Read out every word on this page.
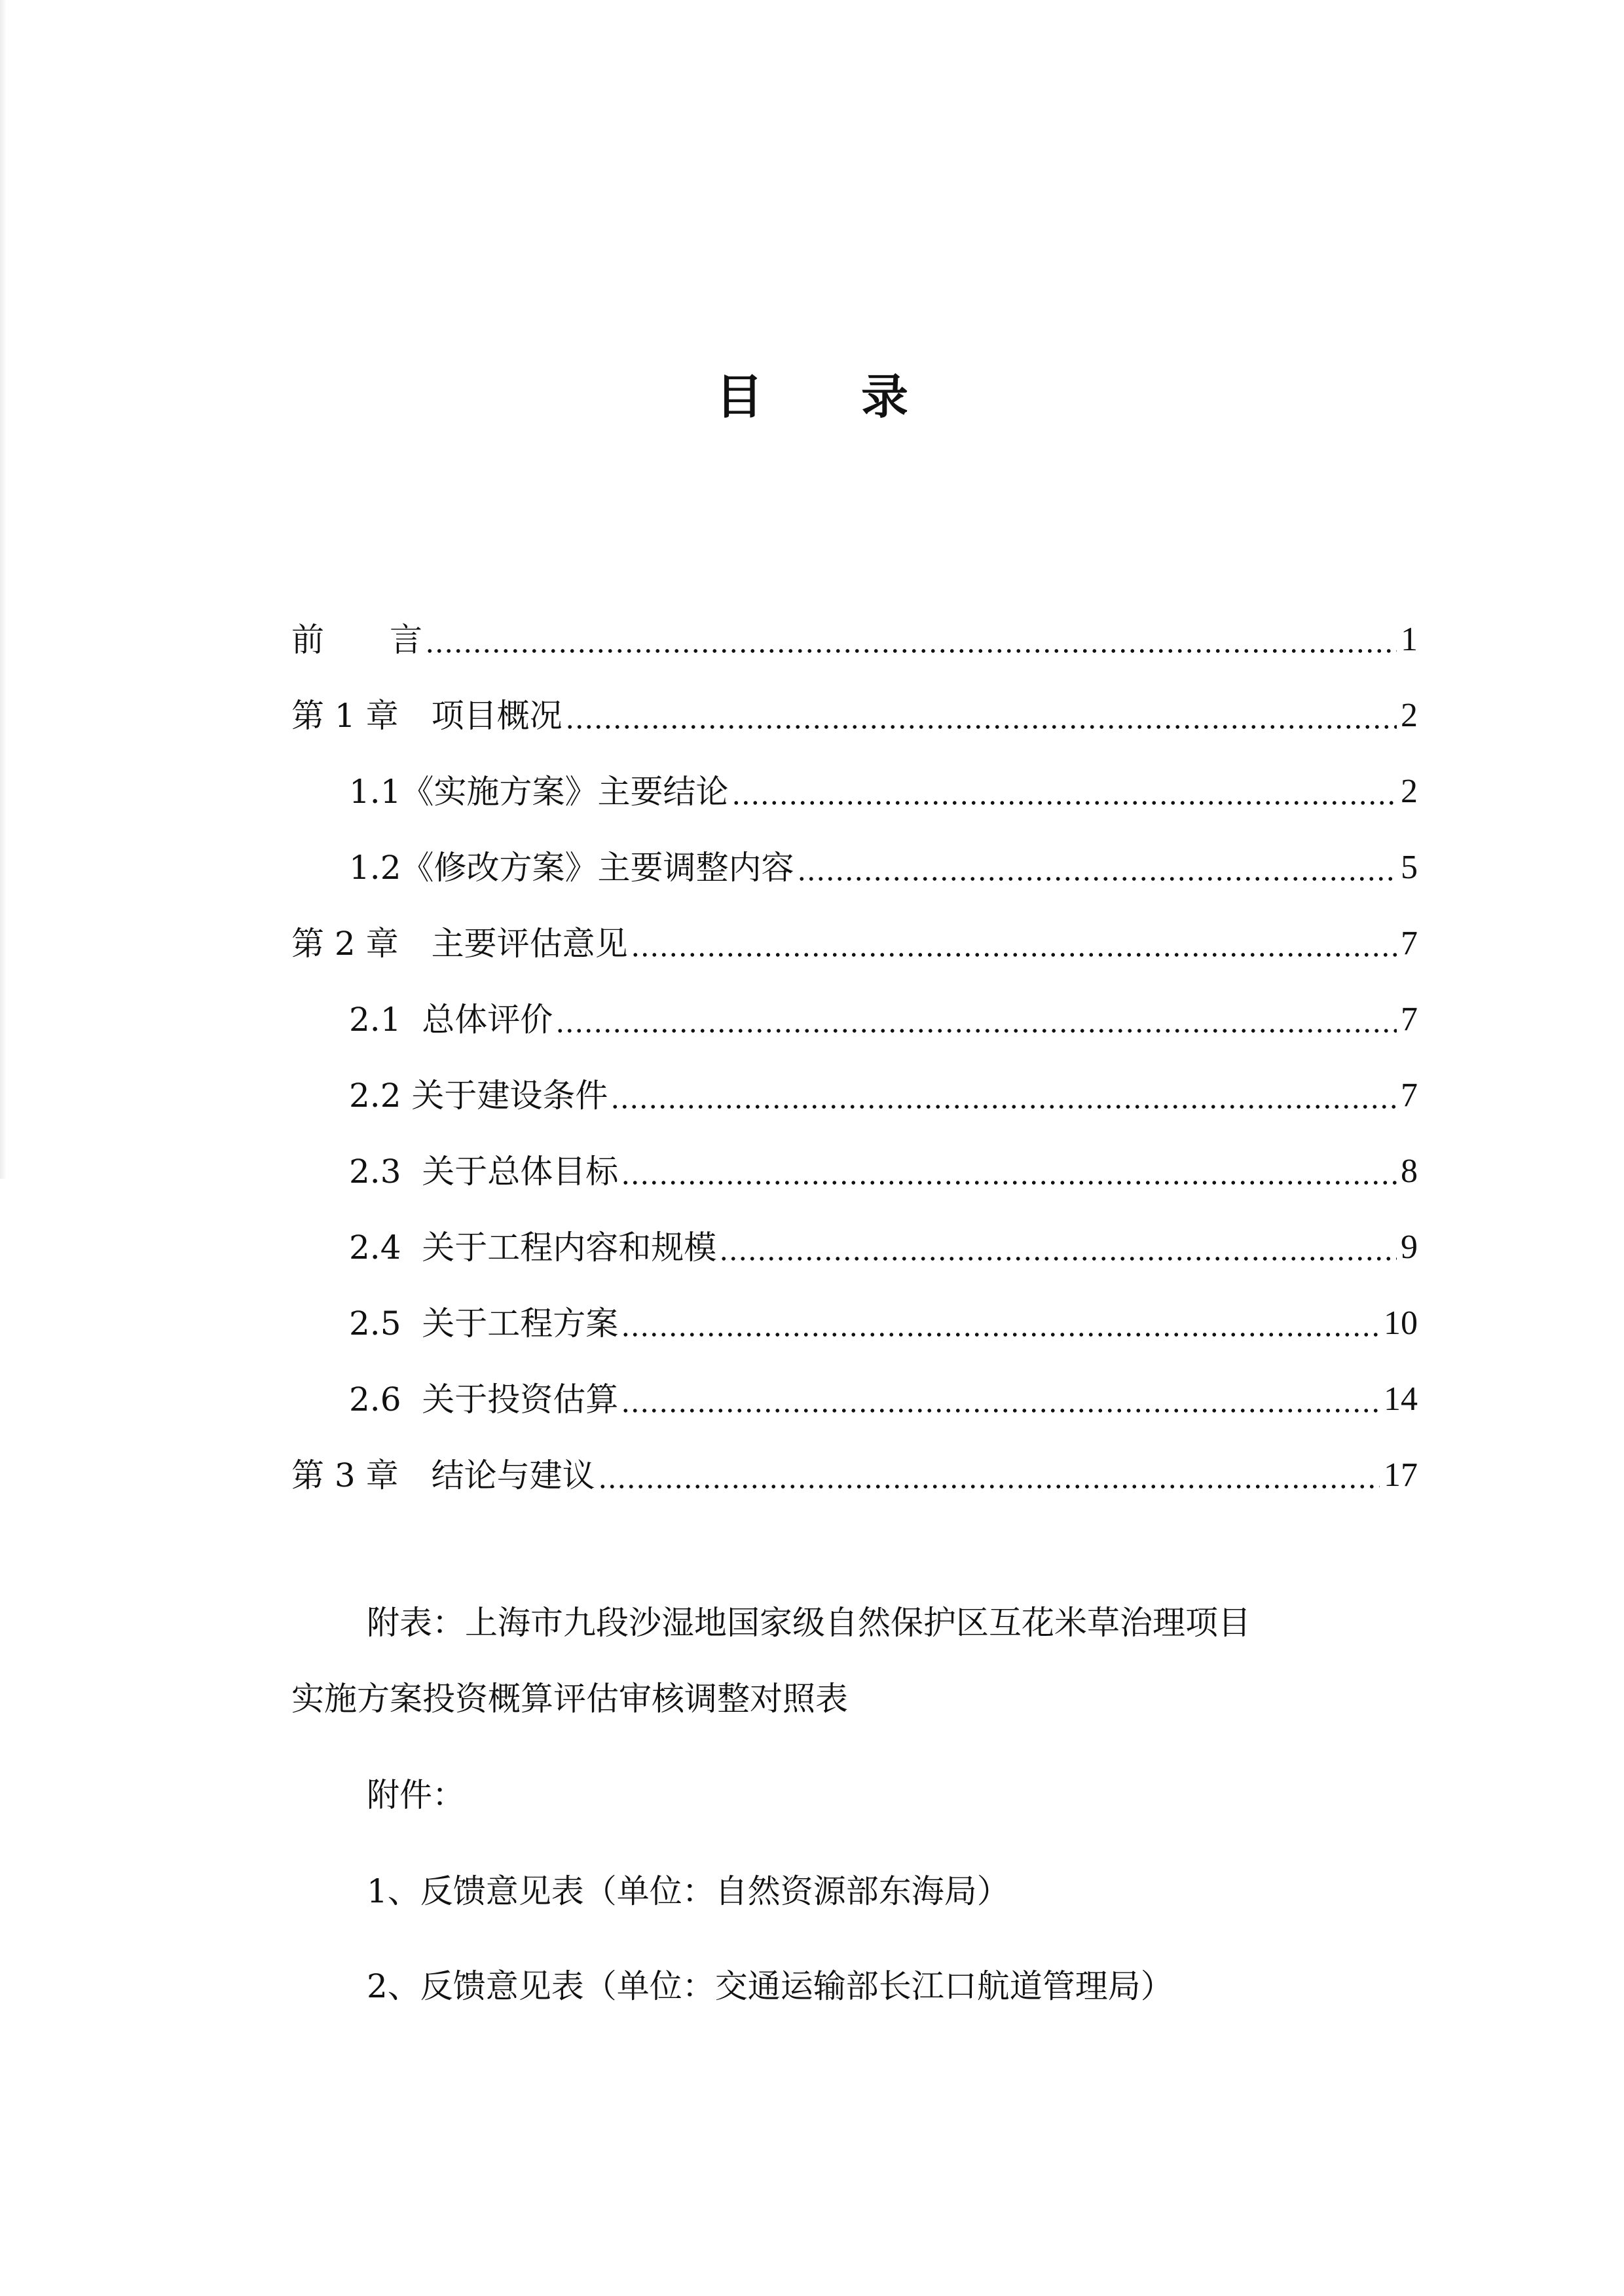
目 录
前　　言	1
第 1 章　项目概况	2
1.1《实施方案》主要结论	2
1.2《修改方案》主要调整内容	5
第 2 章　主要评估意见	7
2.1  总体评价	7
2.2 关于建设条件	7
2.3  关于总体目标	8
2.4  关于工程内容和规模	9
2.5  关于工程方案	10
2.6  关于投资估算	14
第 3 章　结论与建议	17
附表：上海市九段沙湿地国家级自然保护区互花米草治理项目
实施方案投资概算评估审核调整对照表
附件：
1、反馈意见表（单位：自然资源部东海局）
2、反馈意见表（单位：交通运输部长江口航道管理局）
